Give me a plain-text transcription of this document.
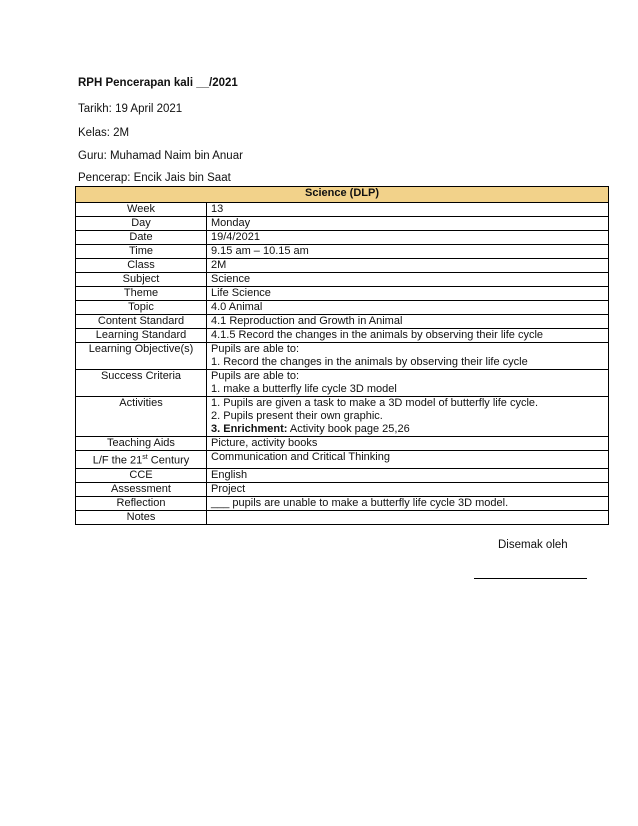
RPH Pencerapan kali __/2021
Tarikh: 19 April 2021
Kelas: 2M
Guru: Muhamad Naim bin Anuar
Pencerap: Encik Jais bin Saat
Science (DLP)	
Week	13
Day	Monday
Date	19/4/2021
Time	9.15 am – 10.15 am
Class	2M
Subject	Science
Theme	Life Science
Topic	4.0 Animal
Content Standard	4.1 Reproduction and Growth in Animal
Learning Standard	4.1.5 Record the changes in the animals by observing their life cycle
Learning Objective(s)	Pupils are able to:
1. Record the changes in the animals by observing their life cycle

Success Criteria	Pupils are able to:
1. make a butterfly life cycle 3D model

Activities	1. Pupils are given a task to make a 3D model of butterfly life cycle.
2. Pupils present their own graphic.
3. Enrichment: Activity book page 25,26

Teaching Aids	Picture, activity books
L/F the 21st Century	Communication and Critical Thinking
CCE	English
Assessment	Project
Reflection	___ pupils are unable to make a butterfly life cycle 3D model.
Notes	
Disemak oleh
